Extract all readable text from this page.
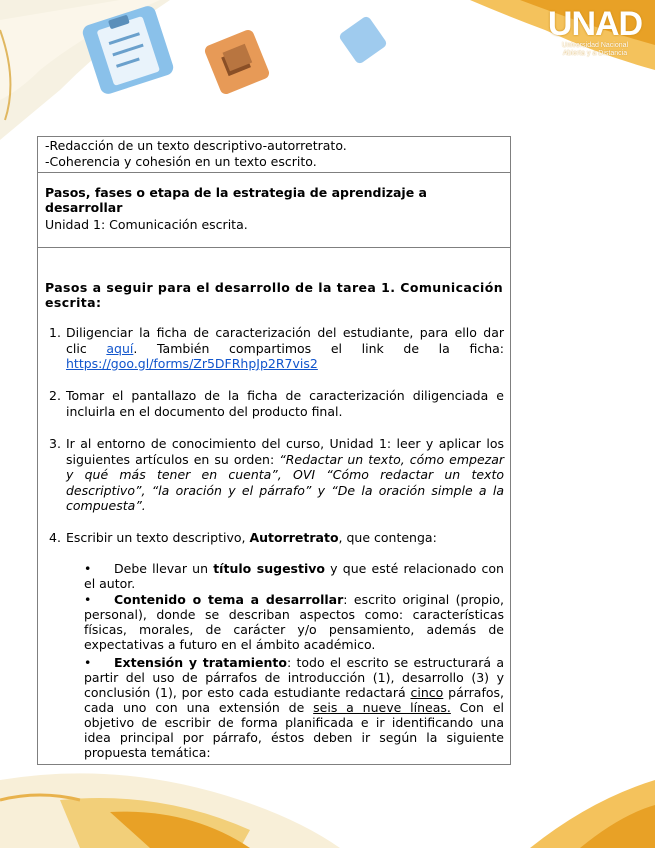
UNAD
Universidad Nacional
Abierta y a Distancia
-Redacción de un texto descriptivo-autorretrato.
-Coherencia y cohesión en un texto escrito.
Pasos, fases o etapa de la estrategia de aprendizaje a desarrollar
Unidad 1: Comunicación escrita.
Pasos a seguir para el desarrollo de la tarea 1. Comunicación escrita:
1. Diligenciar la ficha de caracterización del estudiante, para ello dar clic aquí. También compartimos el link de la ficha: https://goo.gl/forms/Zr5DFRhpJp2R7vis2
2. Tomar el pantallazo de la ficha de caracterización diligenciada e incluirla en el documento del producto final.
3. Ir al entorno de conocimiento del curso, Unidad 1: leer y aplicar los siguientes artículos en su orden: “Redactar un texto, cómo empezar y qué más tener en cuenta”, OVI “Cómo redactar un texto descriptivo”, “la oración y el párrafo” y “De la oración simple a la compuesta”.
4. Escribir un texto descriptivo, Autorretrato, que contenga:
• Debe llevar un título sugestivo y que esté relacionado con el autor.
• Contenido o tema a desarrollar: escrito original (propio, personal), donde se describan aspectos como: características físicas, morales, de carácter y/o pensamiento, además de expectativas a futuro en el ámbito académico.
• Extensión y tratamiento: todo el escrito se estructurará a partir del uso de párrafos de introducción (1), desarrollo (3) y conclusión (1), por esto cada estudiante redactará cinco párrafos, cada uno con una extensión de seis a nueve líneas. Con el objetivo de escribir de forma planificada e ir identificando una idea principal por párrafo, éstos deben ir según la siguiente propuesta temática:
